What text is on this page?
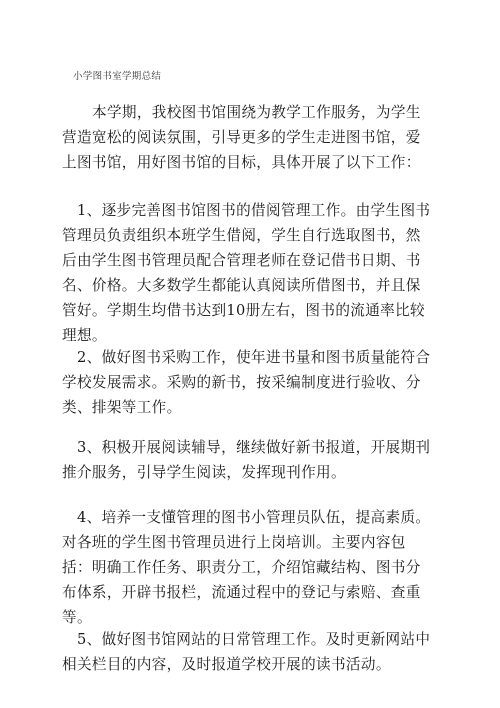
小学图书室学期总结

本学期，我校图书馆围绕为教学工作服务，为学生营造宽松的阅读氛围，引导更多的学生走进图书馆，爱上图书馆，用好图书馆的目标，具体开展了以下工作：

1、逐步完善图书馆图书的借阅管理工作。由学生图书管理员负责组织本班学生借阅，学生自行选取图书，然后由学生图书管理员配合管理老师在登记借书日期、书名、价格。大多数学生都能认真阅读所借图书，并且保管好。学期生均借书达到10册左右，图书的流通率比较理想。

2、做好图书采购工作，使年进书量和图书质量能符合学校发展需求。采购的新书，按采编制度进行验收、分类、排架等工作。

3、积极开展阅读辅导，继续做好新书报道，开展期刊推介服务，引导学生阅读，发挥现刊作用。

4、培养一支懂管理的图书小管理员队伍，提高素质。对各班的学生图书管理员进行上岗培训。主要内容包括：明确工作任务、职责分工，介绍馆藏结构、图书分布体系，开辟书报栏，流通过程中的登记与索赔、查重等。

5、做好图书馆网站的日常管理工作。及时更新网站中相关栏目的内容，及时报道学校开展的读书活动。
